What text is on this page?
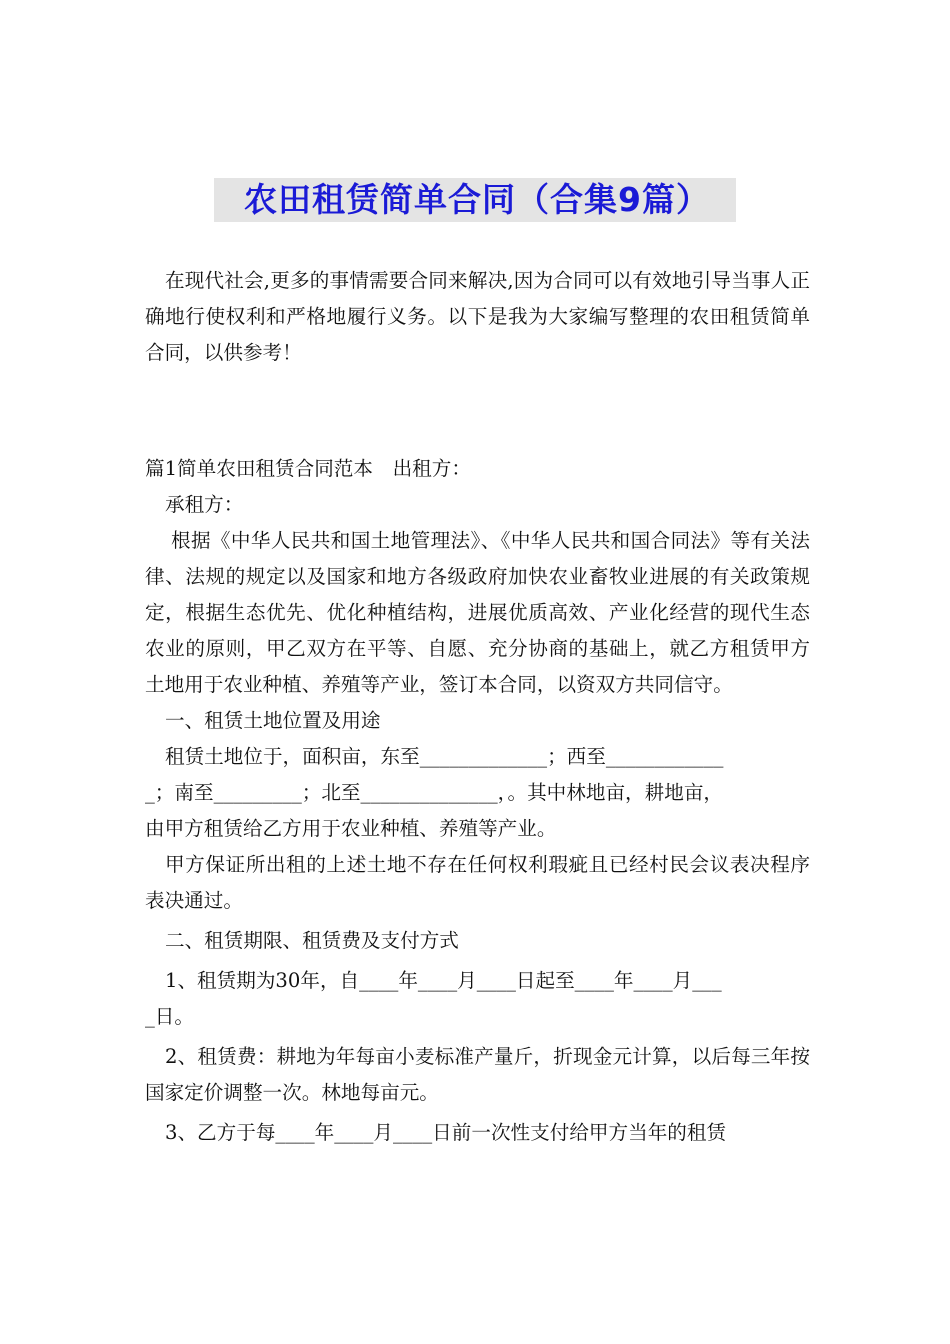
农田租赁简单合同（合集9篇）

在现代社会,更多的事情需要合同来解决,因为合同可以有效地引导当事人正确地行使权利和严格地履行义务。以下是我为大家编写整理的农田租赁简单合同，以供参考！

篇1简单农田租赁合同范本　出租方：

承租方：

根据《中华人民共和国土地管理法》、《中华人民共和国合同法》等有关法律、法规的规定以及国家和地方各级政府加快农业畜牧业进展的有关政策规定，根据生态优先、优化种植结构，进展优质高效、产业化经营的现代生态农业的原则，甲乙双方在平等、自愿、充分协商的基础上，就乙方租赁甲方土地用于农业种植、养殖等产业，签订本合同，以资双方共同信守。

一、租赁土地位置及用途

租赁土地位于，面积亩，东至_____________；西至____________

_；南至_________；北至______________，。其中林地亩，耕地亩，

由甲方租赁给乙方用于农业种植、养殖等产业。

甲方保证所出租的上述土地不存在任何权利瑕疵且已经村民会议表决程序表决通过。

二、租赁期限、租赁费及支付方式

1、租赁期为30年，自____年____月____日起至____年____月___

_日。

2、租赁费：耕地为年每亩小麦标准产量斤，折现金元计算，以后每三年按国家定价调整一次。林地每亩元。

3、乙方于每____年____月____日前一次性支付给甲方当年的租赁
